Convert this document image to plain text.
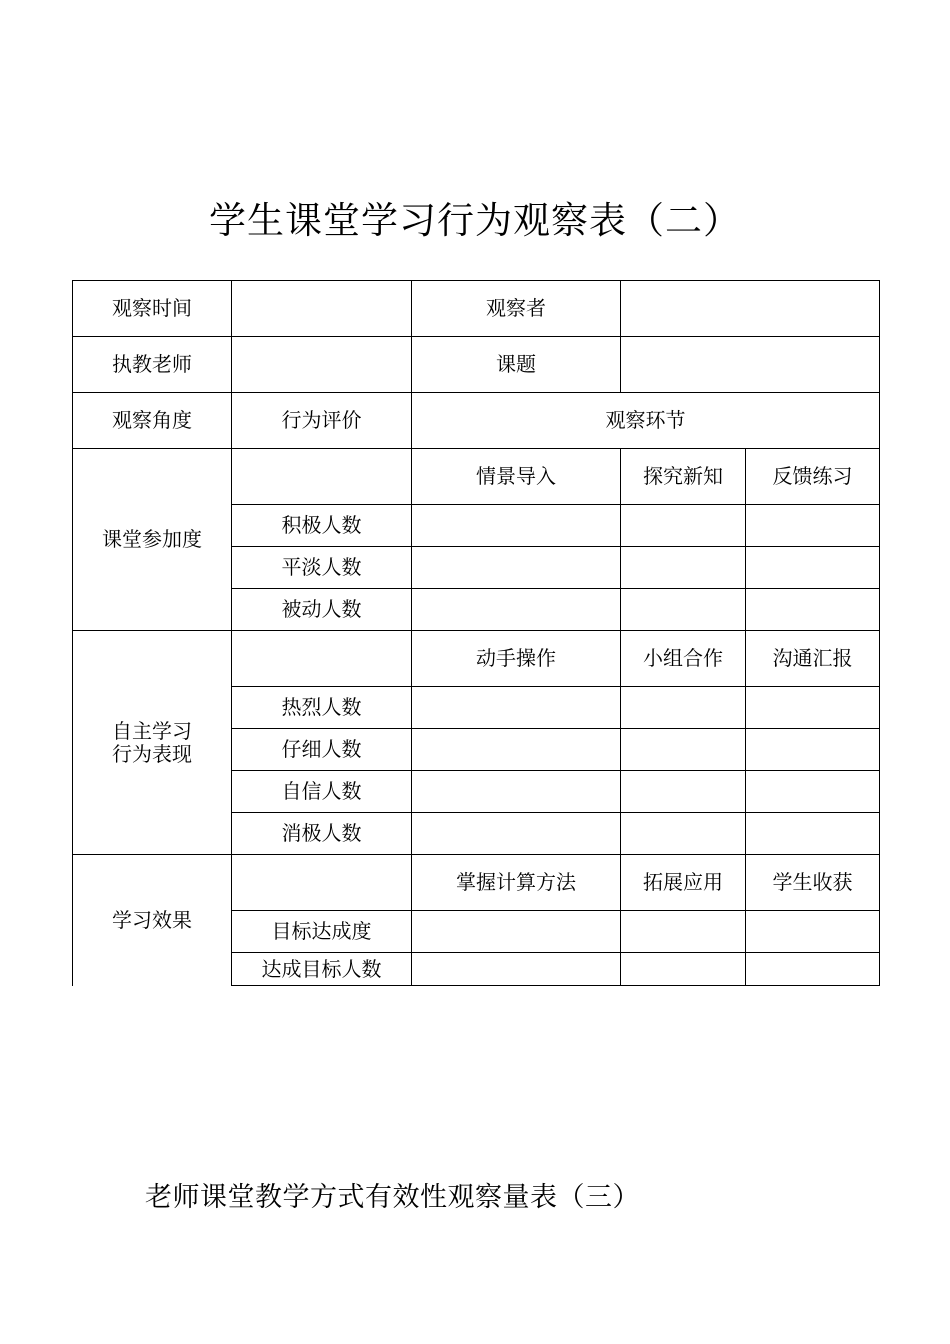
学生课堂学习行为观察表（二）
观察时间		观察者		
执教老师		课题		
观察角度	行为评价	观察环节		
课堂参加度		情景导入	探究新知	反馈练习
	积极人数			
	平淡人数			
	被动人数			
自主学习
行为表现		动手操作	小组合作	沟通汇报
	热烈人数			
	仔细人数			
	自信人数			
	消极人数			
学习效果		掌握计算方法	拓展应用	学生收获
	目标达成度			
	达成目标人数			
老师课堂教学方式有效性观察量表（三）
